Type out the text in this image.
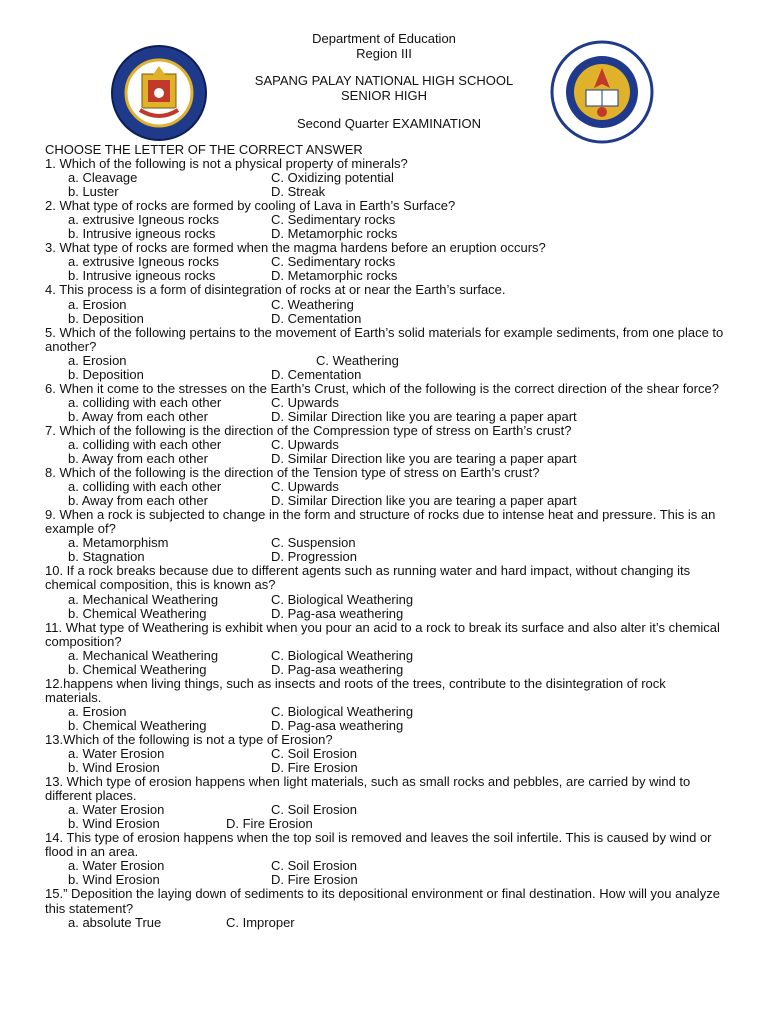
Department of Education
Region III
SAPANG PALAY NATIONAL HIGH SCHOOL
SENIOR HIGH
Second Quarter EXAMINATION
CHOOSE THE LETTER OF THE CORRECT ANSWER
1. Which of the following is not a physical property of minerals?
a. Cleavage	C. Oxidizing potential
b. Luster	D. Streak
2. What type of rocks are formed by cooling of Lava in Earth’s Surface?
a. extrusive Igneous rocks	C. Sedimentary rocks
b. Intrusive igneous rocks	D. Metamorphic rocks
3. What type of rocks are formed when the magma hardens before an eruption occurs?
a. extrusive Igneous rocks	C. Sedimentary rocks
b. Intrusive igneous rocks	D. Metamorphic rocks
4. This process is a form of disintegration of rocks at or near the Earth’s surface.
a. Erosion	C. Weathering
b. Deposition	D. Cementation
5. Which of the following pertains to the movement of Earth’s solid materials for example sediments, from one place to another?
a. Erosion	C. Weathering
b. Deposition	D. Cementation
6. When it come to the stresses on the Earth’s Crust, which of the following is the correct direction of the shear force?
a. colliding with each other	C. Upwards
b. Away from each other	D. Similar Direction like you are tearing a paper apart
7. Which of the following is the direction of the Compression type of stress on Earth’s crust?
a. colliding with each other	C. Upwards
b. Away from each other	D. Similar Direction like you are tearing a paper apart
8. Which of the following is the direction of the Tension type of stress on Earth’s crust?
a. colliding with each other	C. Upwards
b. Away from each other	D. Similar Direction like you are tearing a paper apart
9. When a rock is subjected to change in the form and structure of rocks due to intense heat and pressure. This is an example of?
a. Metamorphism	C. Suspension
b. Stagnation	D. Progression
10. If a rock breaks because due to different agents such as running water and hard impact, without changing its chemical composition, this is known as?
a. Mechanical Weathering	C. Biological Weathering
b. Chemical Weathering	D. Pag-asa weathering
11. What type of Weathering is exhibit when you pour an acid to a rock to break its surface and also alter it’s chemical composition?
a. Mechanical Weathering	C. Biological Weathering
b. Chemical Weathering	D. Pag-asa weathering
12.happens when living things, such as insects and roots of the trees, contribute to the disintegration of rock materials.
a. Erosion	C. Biological Weathering
b. Chemical Weathering	D. Pag-asa weathering
13.Which of the following is not a type of Erosion?
a. Water Erosion	C. Soil Erosion
b. Wind Erosion	D. Fire Erosion
13. Which type of erosion happens when light materials, such as small rocks and pebbles, are carried by wind to different places.
a. Water Erosion	C. Soil Erosion
b. Wind Erosion	D. Fire Erosion
14. This type of erosion happens when the top soil is removed and leaves the soil infertile. This is caused by wind or flood in an area.
a. Water Erosion	C. Soil Erosion
b. Wind Erosion	D. Fire Erosion
15.” Deposition the laying down of sediments to its depositional environment or final destination. How will you analyze this statement?
a. absolute True	C. Improper
